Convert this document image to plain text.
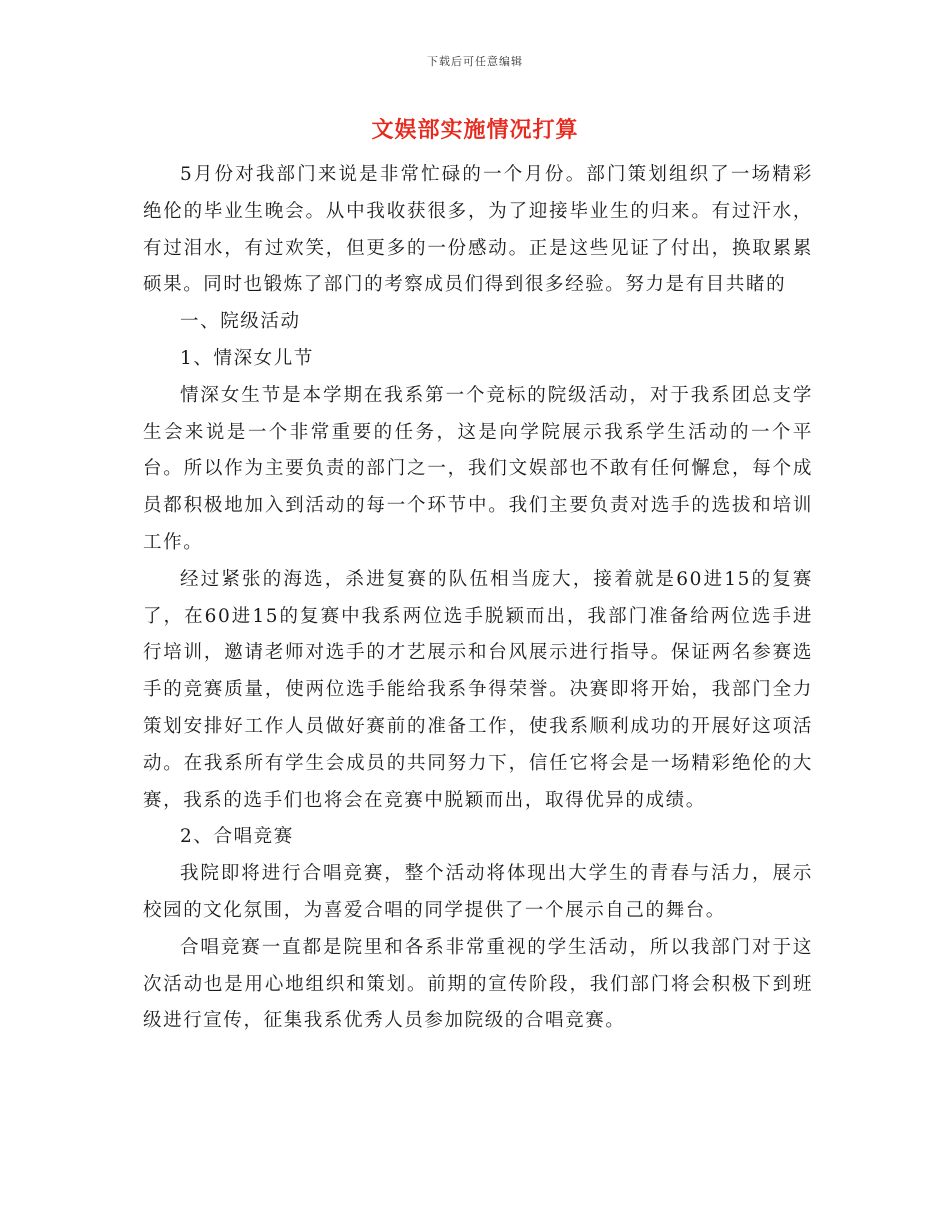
下载后可任意编辑
文娱部实施情况打算

5月份对我部门来说是非常忙碌的一个月份。部门策划组织了一场精彩绝伦的毕业生晚会。从中我收获很多，为了迎接毕业生的归来。有过汗水，有过泪水，有过欢笑，但更多的一份感动。正是这些见证了付出，换取累累硕果。同时也锻炼了部门的考察成员们得到很多经验。努力是有目共睹的

一、院级活动

1、情深女儿节

情深女生节是本学期在我系第一个竞标的院级活动，对于我系团总支学生会来说是一个非常重要的任务，这是向学院展示我系学生活动的一个平台。所以作为主要负责的部门之一，我们文娱部也不敢有任何懈怠，每个成员都积极地加入到活动的每一个环节中。我们主要负责对选手的选拔和培训工作。

经过紧张的海选，杀进复赛的队伍相当庞大，接着就是60进15的复赛了，在60进15的复赛中我系两位选手脱颖而出，我部门准备给两位选手进行培训，邀请老师对选手的才艺展示和台风展示进行指导。保证两名参赛选手的竞赛质量，使两位选手能给我系争得荣誉。决赛即将开始，我部门全力策划安排好工作人员做好赛前的准备工作，使我系顺利成功的开展好这项活动。在我系所有学生会成员的共同努力下，信任它将会是一场精彩绝伦的大赛，我系的选手们也将会在竞赛中脱颖而出，取得优异的成绩。

2、合唱竞赛

我院即将进行合唱竞赛，整个活动将体现出大学生的青春与活力，展示校园的文化氛围，为喜爱合唱的同学提供了一个展示自己的舞台。

合唱竞赛一直都是院里和各系非常重视的学生活动，所以我部门对于这次活动也是用心地组织和策划。前期的宣传阶段，我们部门将会积极下到班级进行宣传，征集我系优秀人员参加院级的合唱竞赛。
